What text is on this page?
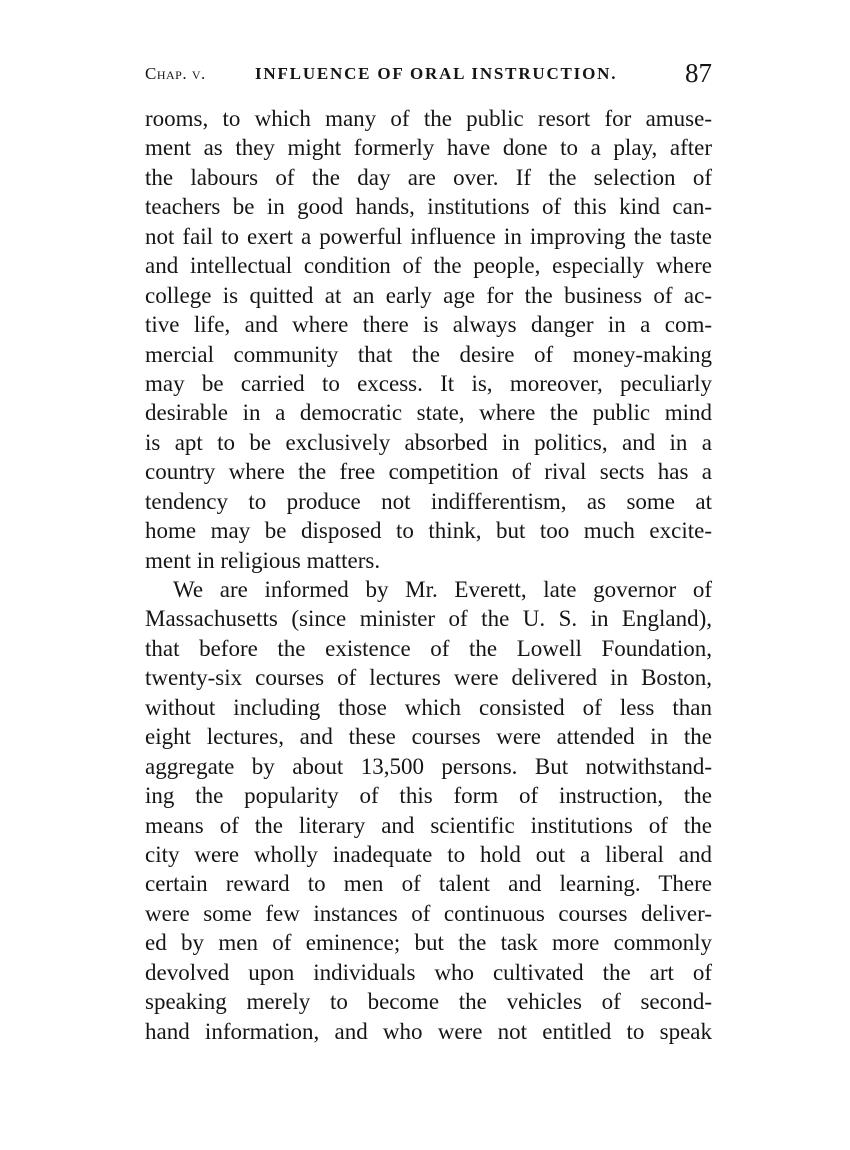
Chap. v.	INFLUENCE OF ORAL INSTRUCTION.	87
rooms, to which many of the public resort for amuse-
ment as they might formerly have done to a play, after
the labours of the day are over. If the selection of
teachers be in good hands, institutions of this kind can-
not fail to exert a powerful influence in improving the taste
and intellectual condition of the people, especially where
college is quitted at an early age for the business of ac-
tive life, and where there is always danger in a com-
mercial community that the desire of money-making
may be carried to excess. It is, moreover, peculiarly
desirable in a democratic state, where the public mind
is apt to be exclusively absorbed in politics, and in a
country where the free competition of rival sects has a
tendency to produce not indifferentism, as some at
home may be disposed to think, but too much excite-
ment in religious matters.
We are informed by Mr. Everett, late governor of
Massachusetts (since minister of the U. S. in England),
that before the existence of the Lowell Foundation,
twenty-six courses of lectures were delivered in Boston,
without including those which consisted of less than
eight lectures, and these courses were attended in the
aggregate by about 13,500 persons. But notwithstand-
ing the popularity of this form of instruction, the
means of the literary and scientific institutions of the
city were wholly inadequate to hold out a liberal and
certain reward to men of talent and learning. There
were some few instances of continuous courses deliver-
ed by men of eminence; but the task more commonly
devolved upon individuals who cultivated the art of
speaking merely to become the vehicles of second-
hand information, and who were not entitled to speak
